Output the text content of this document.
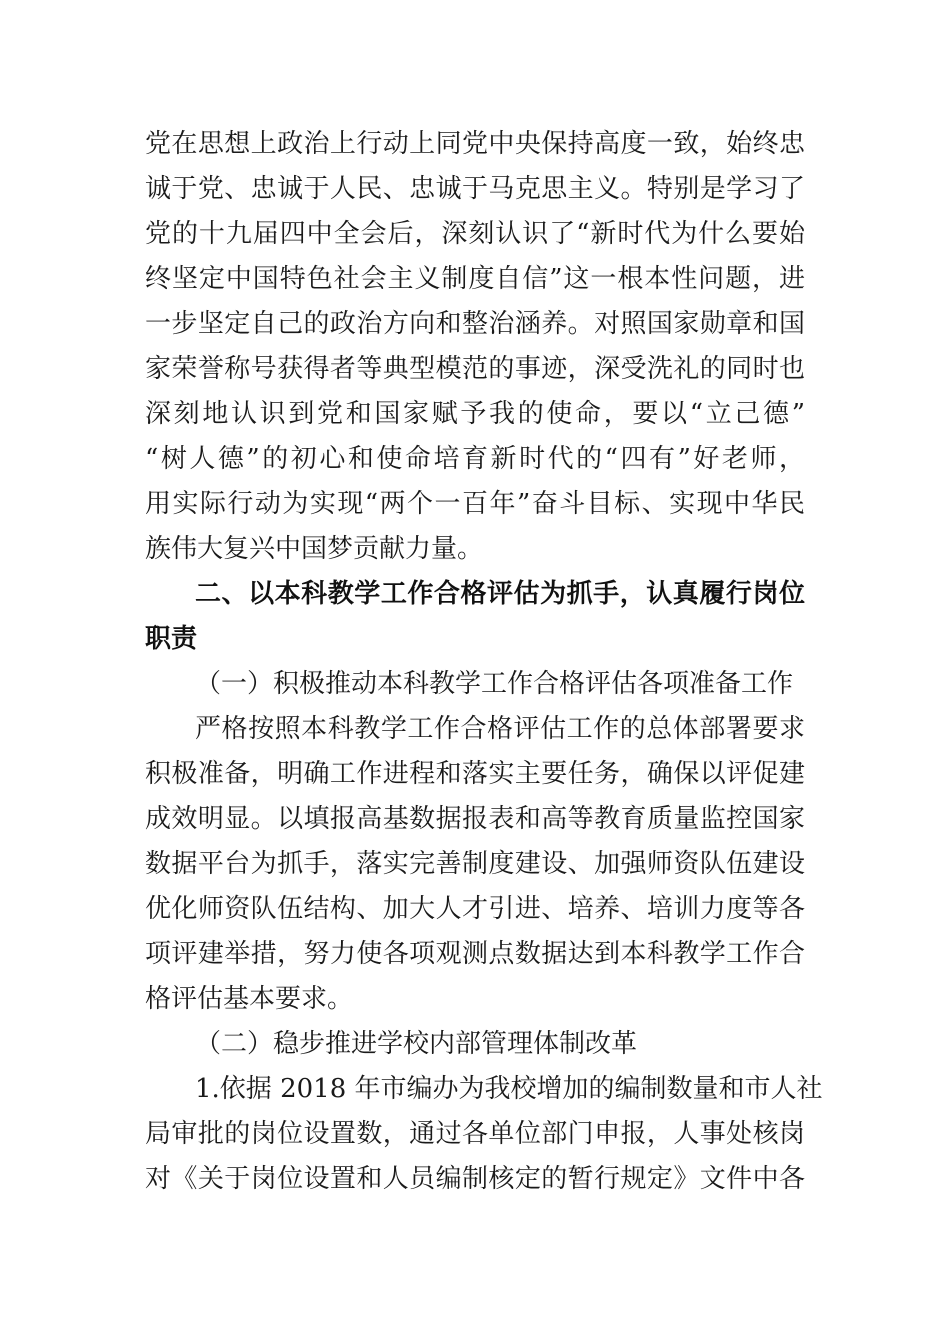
党在思想上政治上行动上同党中央保持高度一致，始终忠
诚于党、忠诚于人民、忠诚于马克思主义。特别是学习了
党的十九届四中全会后，深刻认识了“新时代为什么要始
终坚定中国特色社会主义制度自信”这一根本性问题，进
一步坚定自己的政治方向和整治涵养。对照国家勋章和国
家荣誉称号获得者等典型模范的事迹，深受洗礼的同时也
深刻地认识到党和国家赋予我的使命，要以“立己德”
“树人德”的初心和使命培育新时代的“四有”好老师，
用实际行动为实现“两个一百年”奋斗目标、实现中华民
族伟大复兴中国梦贡献力量。
二、以本科教学工作合格评估为抓手，认真履行岗位
职责
（一）积极推动本科教学工作合格评估各项准备工作
严格按照本科教学工作合格评估工作的总体部署要求
积极准备，明确工作进程和落实主要任务，确保以评促建
成效明显。以填报高基数据报表和高等教育质量监控国家
数据平台为抓手，落实完善制度建设、加强师资队伍建设
优化师资队伍结构、加大人才引进、培养、培训力度等各
项评建举措，努力使各项观测点数据达到本科教学工作合
格评估基本要求。
（二）稳步推进学校内部管理体制改革
1.依据 2018 年市编办为我校增加的编制数量和市人社
局审批的岗位设置数，通过各单位部门申报，人事处核岗
对《关于岗位设置和人员编制核定的暂行规定》文件中各
